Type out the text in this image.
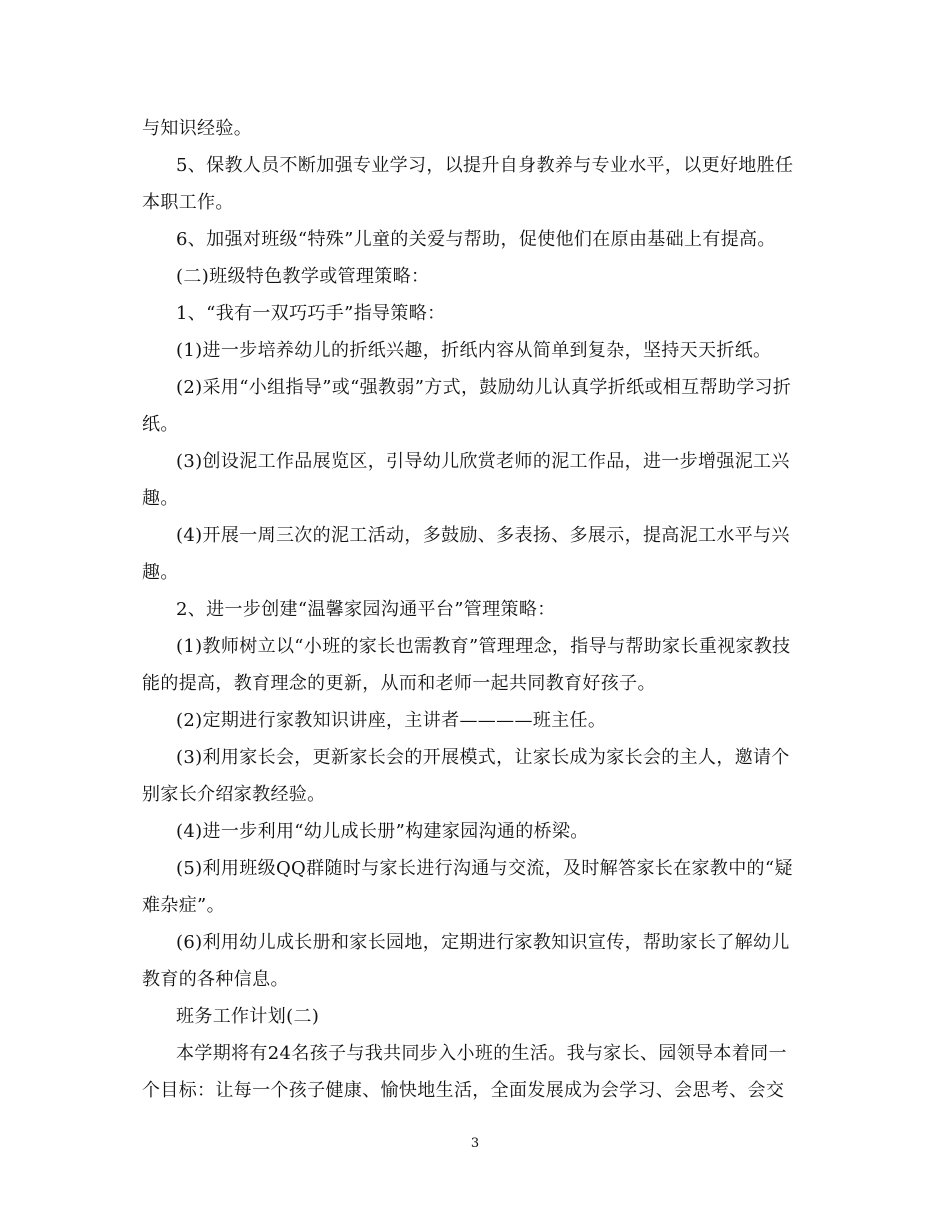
与知识经验。
5、保教人员不断加强专业学习，以提升自身教养与专业水平，以更好地胜任
本职工作。
6、加强对班级“特殊”儿童的关爱与帮助，促使他们在原由基础上有提高。
(二)班级特色教学或管理策略：
1、“我有一双巧巧手”指导策略：
(1)进一步培养幼儿的折纸兴趣，折纸内容从简单到复杂，坚持天天折纸。
(2)采用“小组指导”或“强教弱”方式，鼓励幼儿认真学折纸或相互帮助学习折
纸。
(3)创设泥工作品展览区，引导幼儿欣赏老师的泥工作品，进一步增强泥工兴
趣。
(4)开展一周三次的泥工活动，多鼓励、多表扬、多展示，提高泥工水平与兴
趣。
2、进一步创建“温馨家园沟通平台”管理策略：
(1)教师树立以“小班的家长也需教育”管理理念，指导与帮助家长重视家教技
能的提高，教育理念的更新，从而和老师一起共同教育好孩子。
(2)定期进行家教知识讲座，主讲者————班主任。
(3)利用家长会，更新家长会的开展模式，让家长成为家长会的主人，邀请个
别家长介绍家教经验。
(4)进一步利用“幼儿成长册”构建家园沟通的桥梁。
(5)利用班级QQ群随时与家长进行沟通与交流，及时解答家长在家教中的“疑
难杂症”。
(6)利用幼儿成长册和家长园地，定期进行家教知识宣传，帮助家长了解幼儿
教育的各种信息。
班务工作计划(二)
本学期将有24名孩子与我共同步入小班的生活。我与家长、园领导本着同一
个目标：让每一个孩子健康、愉快地生活，全面发展成为会学习、会思考、会交
3
